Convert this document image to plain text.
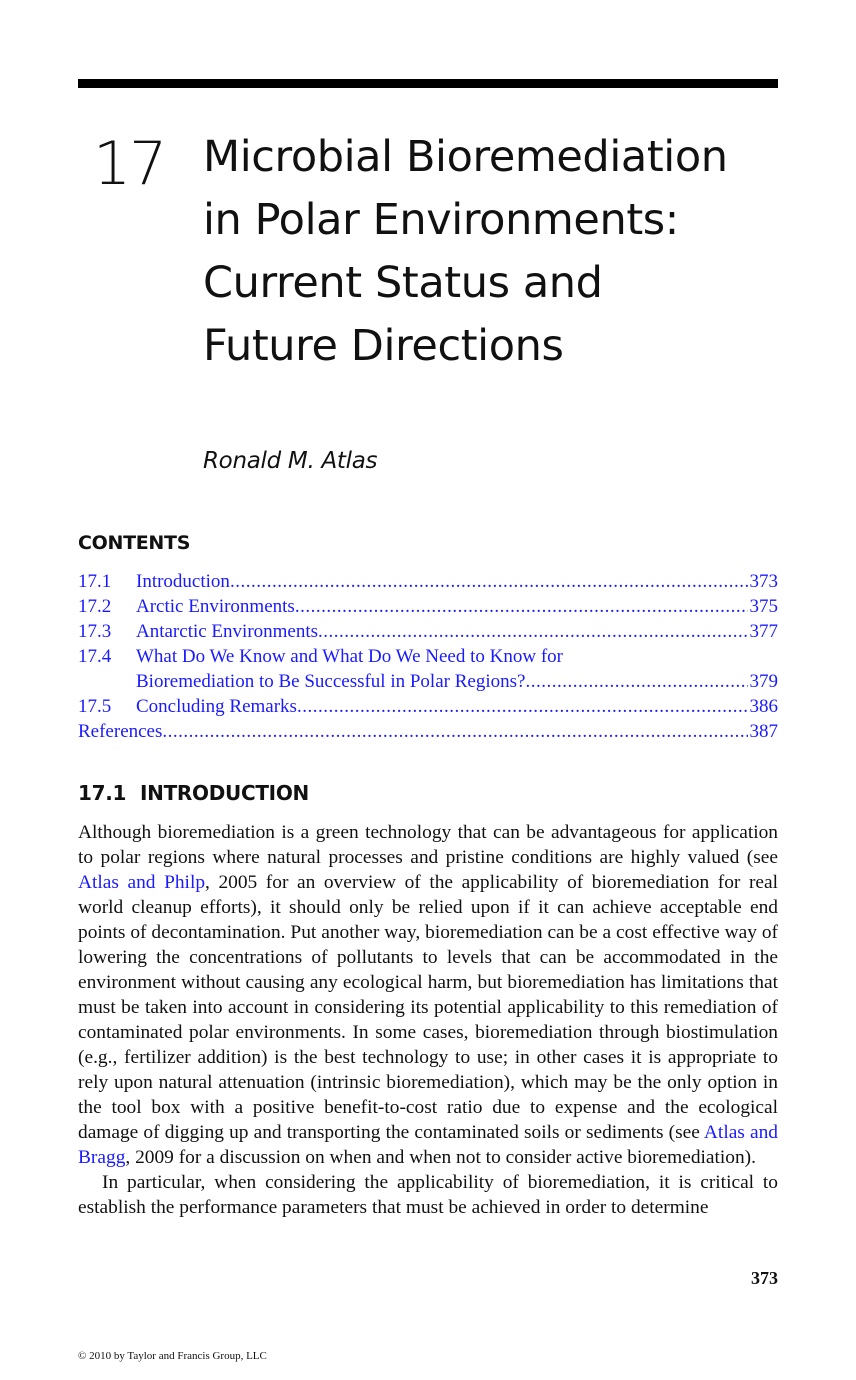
17 Microbial Bioremediation
in Polar Environments:
Current Status and
Future Directions
Ronald M. Atlas
CONTENTS
17.1	Introduction .....	373
17.2	Arctic Environments .....	375
17.3	Antarctic Environments .....	377
17.4	What Do We Know and What Do We Need to Know for
Bioremediation to Be Successful in Polar Regions? .....	379
17.5	Concluding Remarks .....	386
References .....	387
17.1 INTRODUCTION

Although bioremediation is a green technology that can be advantageous for application to polar regions where natural processes and pristine conditions are highly valued (see Atlas and Philp, 2005 for an overview of the applicability of bioremediation for real world cleanup efforts), it should only be relied upon if it can achieve acceptable end points of decontamination. Put another way, bioremediation can be a cost effective way of lowering the concentrations of pollutants to levels that can be accommodated in the environment without causing any ecological harm, but bioremediation has limitations that must be taken into account in considering its potential applicability to this remediation of contaminated polar environments. In some cases, bioremediation through biostimulation (e.g., fertilizer addition) is the best technology to use; in other cases it is appropriate to rely upon natural attenuation (intrinsic bioremediation), which may be the only option in the tool box with a positive benefit-to-cost ratio due to expense and the ecological damage of digging up and transporting the contaminated soils or sediments (see Atlas and Bragg, 2009 for a discussion on when and when not to consider active bioremediation).

In particular, when considering the applicability of bioremediation, it is critical to establish the performance parameters that must be achieved in order to determine

373
© 2010 by Taylor and Francis Group, LLC
